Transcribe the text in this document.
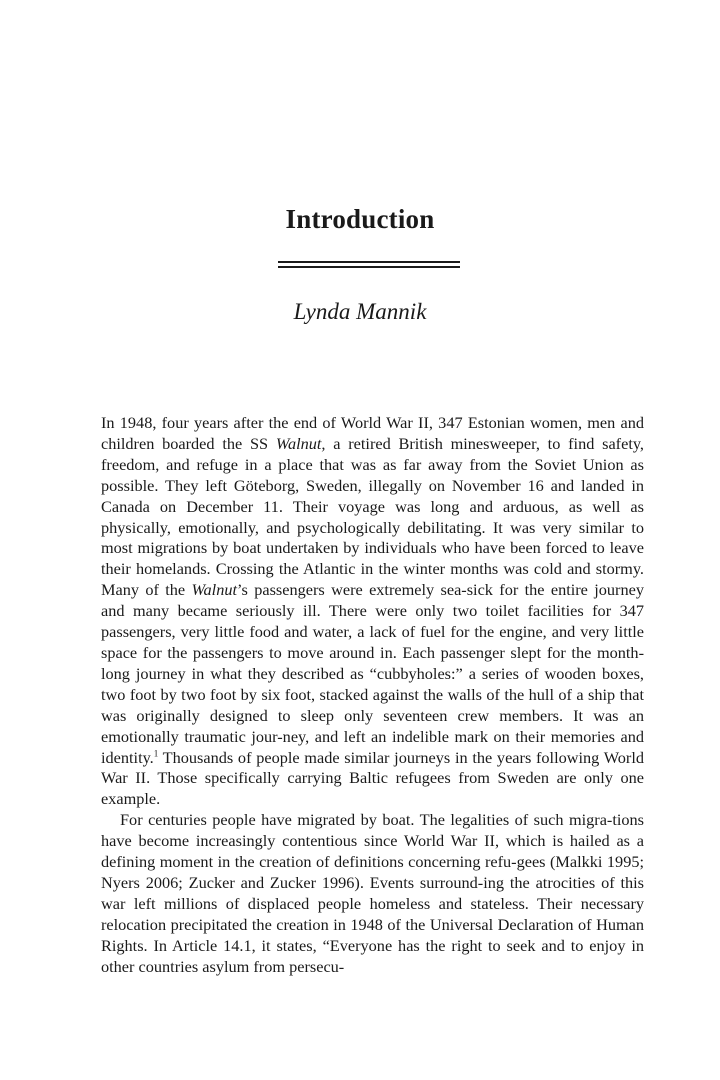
Introduction
Lynda Mannik

In 1948, four years after the end of World War II, 347 Estonian women, men and children boarded the SS Walnut, a retired British minesweeper, to find safety, freedom, and refuge in a place that was as far away from the Soviet Union as possible. They left Göteborg, Sweden, illegally on November 16 and landed in Canada on December 11. Their voyage was long and arduous, as well as physically, emotionally, and psychologically debilitating. It was very similar to most migrations by boat undertaken by individuals who have been forced to leave their homelands. Crossing the Atlantic in the winter months was cold and stormy. Many of the Walnut’s passengers were extremely sea-sick for the entire journey and many became seriously ill. There were only two toilet facilities for 347 passengers, very little food and water, a lack of fuel for the engine, and very little space for the passengers to move around in. Each passenger slept for the month-long journey in what they described as “cubbyholes:” a series of wooden boxes, two foot by two foot by six foot, stacked against the walls of the hull of a ship that was originally designed to sleep only seventeen crew members. It was an emotionally traumatic jour-ney, and left an indelible mark on their memories and identity.$^1$ Thousands of people made similar journeys in the years following World War II. Those specifically carrying Baltic refugees from Sweden are only one example.

For centuries people have migrated by boat. The legalities of such migra-tions have become increasingly contentious since World War II, which is hailed as a defining moment in the creation of definitions concerning refu-gees (Malkki 1995; Nyers 2006; Zucker and Zucker 1996). Events surround-ing the atrocities of this war left millions of displaced people homeless and stateless. Their necessary relocation precipitated the creation in 1948 of the Universal Declaration of Human Rights. In Article 14.1, it states, “Everyone has the right to seek and to enjoy in other countries asylum from persecu-
